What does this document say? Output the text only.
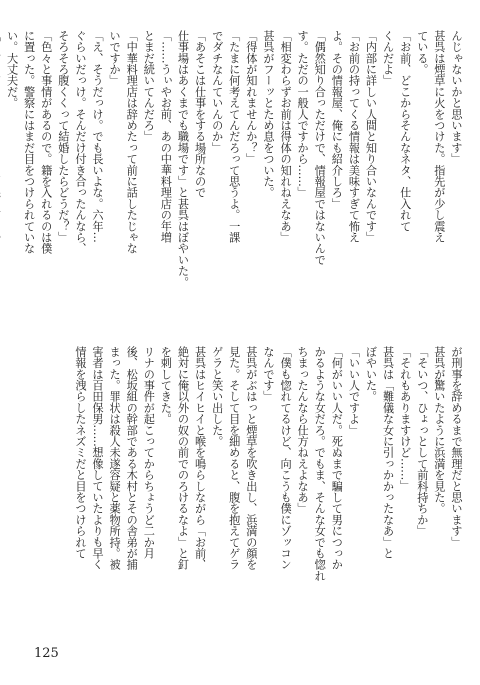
んじゃないかと思います」
甚呉は煙草に火をつけた。指先が少し震え
ている。
「お前、どこからそんなネタ、仕入れて
くんだよ」
「内部に詳しい人間と知り合いなんです」
「お前の持ってくる情報は美味すぎて怖え
よ。その情報屋、俺にも紹介しろ」
「偶然知り合っただけで、情報屋ではないんで
す。ただの一般人ですから……」
「相変わらずお前は得体の知れねえなあ」
甚呉がフーッとため息をついた。
「得体が知れませんか？」
「たまに何考えてんだろって思うよ。一課
でダチなんていんのか」
「あそこは仕事をする場所なので
仕事場はあくまでも職場です」と甚呉はぼやいた。
「……うぃやお前、あの中華料理店の年増
とまだ続いてんだろ」
「中華料理店は辞めたって前に話したじゃな
いですか」
「え、そうだっけ。でも長いよな。六年…
ぐらいだっけ。そんだけ付き合ったんなら、
そろそろ腹くくって結婚したらどうだ？」
「色々と事情があるので。籍を入れるのは僕
に置った。警察にはまだ目をつけられていな
い。大丈夫だ。
が刑事を辞めるまで無理だと思います」
甚呉が驚いたように浜満を見た。
「そいつ、ひょっとして前科持ちか」
「それもありますけど……」
甚呉は「難儀な女に引っかかったなあ」と
ぼやいた。
「いい人ですよ」
「何がいい人だ。死ぬまで騙して男につっか
かるような女だろ。でもま、そんな女でも惚れ
ちまったんなら仕方ねえよなあ」
「僕も惚れてるけど、向こうも僕にゾッコン
なんです」
甚呉がぶはっと煙草を吹き出し、浜満の顔を
見た。そして目を細めると、腹を抱えてゲラ
ゲラと笑い出した。
甚呉はヒイヒイと喉を鳴らしながら「お前、
絶対に俺以外の奴の前でのろけるなよ」と釘
を刺してきた。
リナの事件が起こってからちょうど二か月
後、松坂組の幹部である木村とその舎弟が捕
まった。罪状は殺人未遂容疑と薬物所持。被
害者は百田保男……想像していたよりも早く
情報を洩らしたネズミだと目をつけられて
125
